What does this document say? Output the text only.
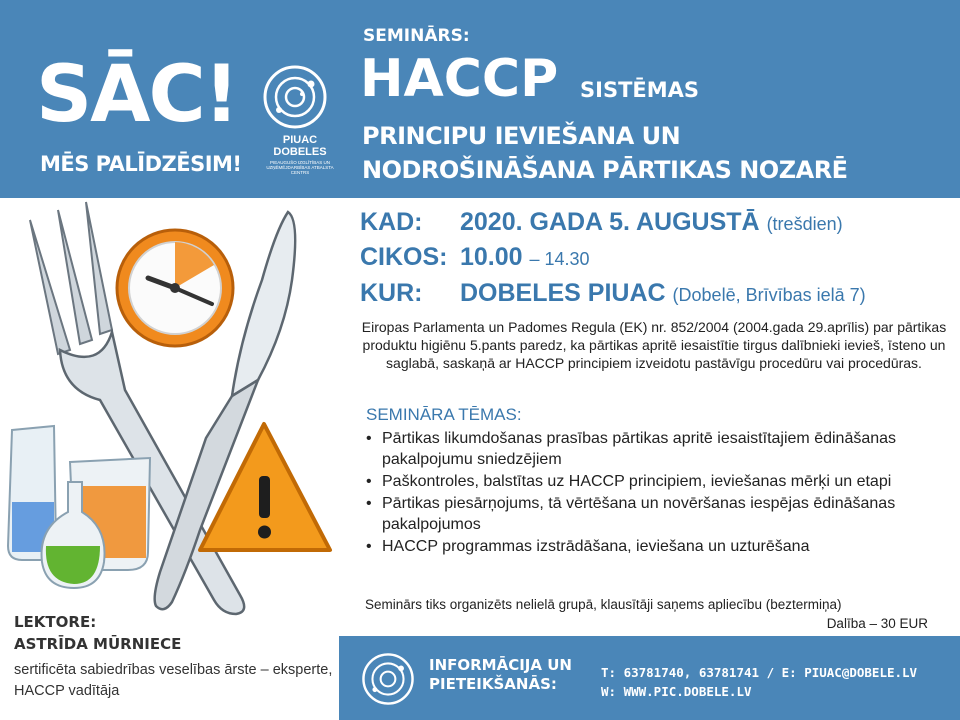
SĀC!
MĒS PALĪDZĒSIM!
PIUAC
DOBELES
PIEAUGUŠO IZGLĪTĪBAS UN UZŅĒMĒJDARBĪBAS ATBALSTA CENTRS
SEMINĀRS:
HACCP SISTĒMAS
PRINCIPU IEVIEŠANA UN
NODROŠINĀŠANA PĀRTIKAS NOZARĒ
KAD: 2020. GADA 5. AUGUSTĀ (trešdien)
CIKOS: 10.00 – 14.30
KUR: DOBELES PIUAC (Dobelē, Brīvības ielā 7)
Eiropas Parlamenta un Padomes Regula (EK) nr. 852/2004 (2004.gada 29.aprīlis) par pārtikas produktu higiēnu 5.pants paredz, ka pārtikas apritē iesaistītie tirgus dalībnieki ievieš, īsteno un saglabā, saskaņā ar HACCP principiem izveidotu pastāvīgu procedūru vai procedūras.
SEMINĀRA TĒMAS:
• Pārtikas likumdošanas prasības pārtikas apritē iesaistītajiem ēdināšanas pakalpojumu sniedzējiem
• Paškontroles, balstītas uz HACCP principiem, ieviešanas mērķi un etapi
• Pārtikas piesārņojums, tā vērtēšana un novēršanas iespējas ēdināšanas pakalpojumos
• HACCP programmas izstrādāšana, ieviešana un uzturēšana
Seminārs tiks organizēts nelielā grupā, klausītāji saņems apliecību (beztermiņa)
Dalība – 30 EUR
LEKTORE:
ASTRĪDA MŪRNIECE
sertificēta sabiedrības veselības ārste – eksperte, HACCP vadītāja
INFORMĀCIJA UN
PIETEIKŠANĀS:
T: 63781740, 63781741 / E: PIUAC@DOBELE.LV
W: WWW.PIC.DOBELE.LV
